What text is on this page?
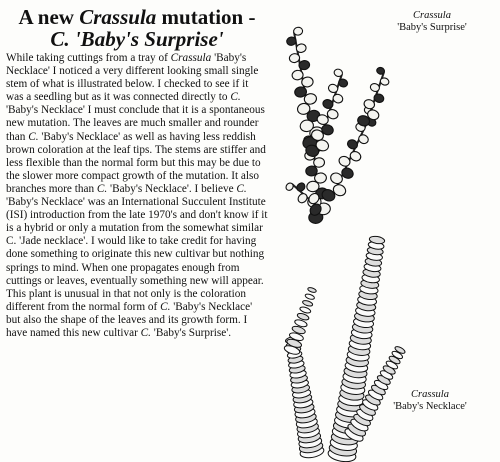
A new Crassula mutation -
C. 'Baby's Surprise'
While taking cuttings from a tray of Crassula 'Baby's Necklace' I noticed a very different looking small single stem of what is illustrated below. I checked to see if it was a seedling but as it was connected directly to C. 'Baby's Necklace' I must conclude that it is a spontaneous new mutation. The leaves are much smaller and rounder than C. 'Baby's Necklace' as well as having less reddish brown coloration at the leaf tips. The stems are stiffer and less flexible than the normal form but this may be due to the slower more compact growth of the mutation. It also branches more than C. 'Baby's Necklace'. I believe C. 'Baby's Necklace' was an International Succulent Institute (ISI) introduction from the late 1970's and don't know if it is a hybrid or only a mutation from the somewhat similar C. 'Jade necklace'. I would like to take credit for having done something to originate this new cultivar but nothing springs to mind. When one propagates enough from cuttings or leaves, eventually something new will appear. This plant is unusual in that not only is the coloration different from the normal form of C. 'Baby's Necklace' but also the shape of the leaves and its growth form. I have named this new cultivar C. 'Baby's Surprise'.
Crassula
'Baby's Surprise'
Crassula
'Baby's Necklace'
